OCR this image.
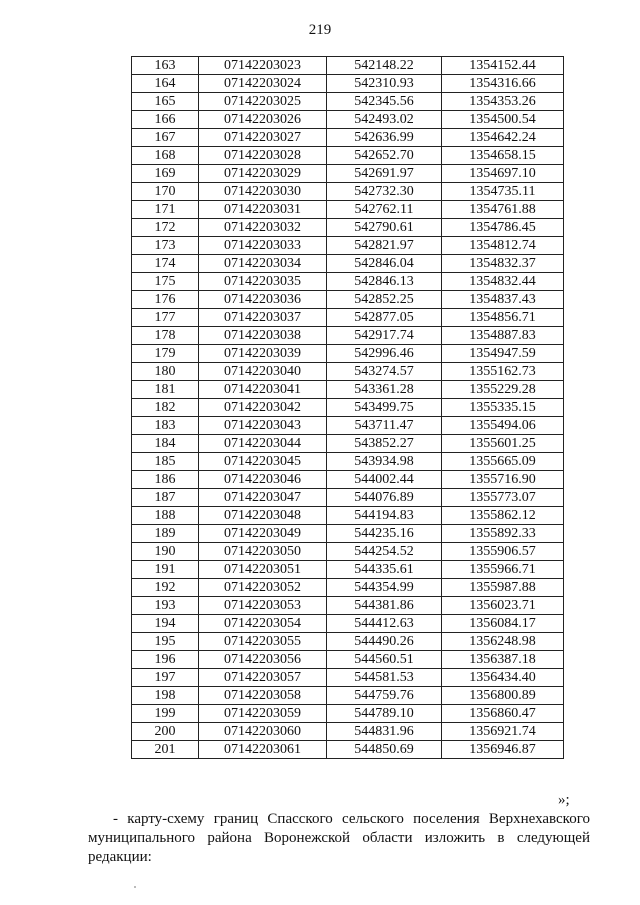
219
163	07142203023	542148.22	1354152.44
164	07142203024	542310.93	1354316.66
165	07142203025	542345.56	1354353.26
166	07142203026	542493.02	1354500.54
167	07142203027	542636.99	1354642.24
168	07142203028	542652.70	1354658.15
169	07142203029	542691.97	1354697.10
170	07142203030	542732.30	1354735.11
171	07142203031	542762.11	1354761.88
172	07142203032	542790.61	1354786.45
173	07142203033	542821.97	1354812.74
174	07142203034	542846.04	1354832.37
175	07142203035	542846.13	1354832.44
176	07142203036	542852.25	1354837.43
177	07142203037	542877.05	1354856.71
178	07142203038	542917.74	1354887.83
179	07142203039	542996.46	1354947.59
180	07142203040	543274.57	1355162.73
181	07142203041	543361.28	1355229.28
182	07142203042	543499.75	1355335.15
183	07142203043	543711.47	1355494.06
184	07142203044	543852.27	1355601.25
185	07142203045	543934.98	1355665.09
186	07142203046	544002.44	1355716.90
187	07142203047	544076.89	1355773.07
188	07142203048	544194.83	1355862.12
189	07142203049	544235.16	1355892.33
190	07142203050	544254.52	1355906.57
191	07142203051	544335.61	1355966.71
192	07142203052	544354.99	1355987.88
193	07142203053	544381.86	1356023.71
194	07142203054	544412.63	1356084.17
195	07142203055	544490.26	1356248.98
196	07142203056	544560.51	1356387.18
197	07142203057	544581.53	1356434.40
198	07142203058	544759.76	1356800.89
199	07142203059	544789.10	1356860.47
200	07142203060	544831.96	1356921.74
201	07142203061	544850.69	1356946.87
»;
- карту-схему границ Спасского сельского поселения Верхнехавского муниципального района Воронежской области изложить в следующей редакции:
